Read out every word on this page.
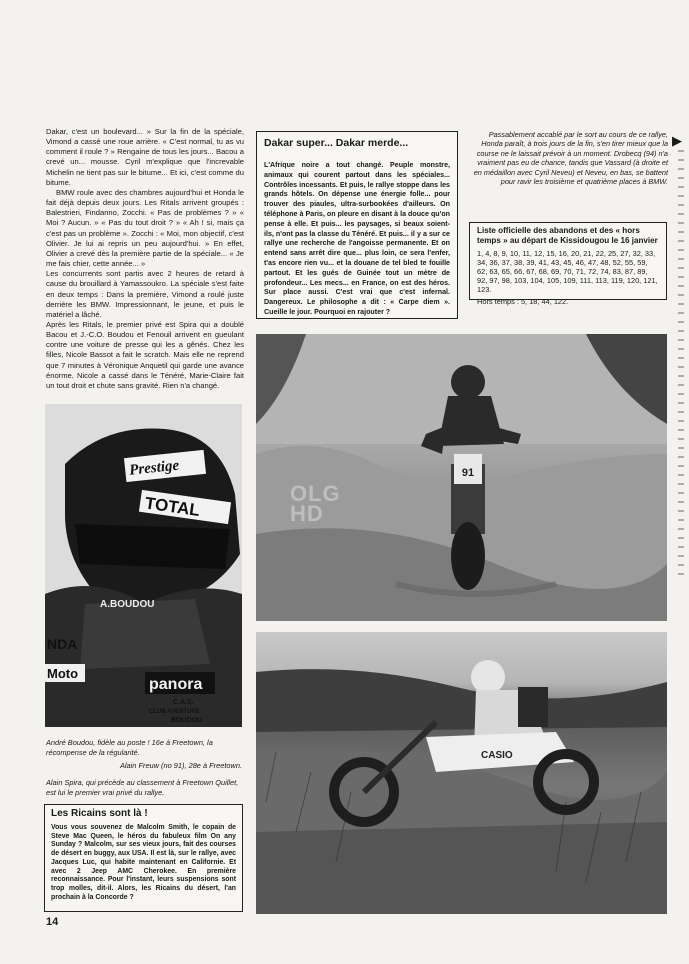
Dakar, c'est un boulevard... » Sur la fin de la spéciale, Vimond a cassé une roue arrière. « C'est normal, tu as vu comment il roule ? » Rengaine de tous les jours... Bacou a crevé un... mousse. Cyril m'explique que l'increvable Michelin ne tient pas sur le bitume... Et ici, c'est comme du bitume.

BMW roule avec des chambres aujourd'hui et Honda le fait déjà depuis deux jours. Les Ritals arrivent groupés : Balestrieri, Findanno, Zocchi. « Pas de problèmes ? » « Moi ? Aucun. » « Pas du tout droit ? » « Ah ! si, mais ça c'est pas un problème ». Zocchi : « Moi, mon objectif, c'est Olivier. Je lui ai repris un peu aujourd'hui. » En effet, Olivier a crevé dès la première partie de la spéciale... « Je me fais chier, cette année... »

Les concurrents sont partis avec 2 heures de retard à cause du brouillard à Yamassoukro. La spéciale s'est faite en deux temps : Dans la première, Vimond a roulé juste derrière les BMW. Impressionnant, le jeune, et puis le matériel a lâché.

Après les Ritals, le premier privé est Spira qui a doublé Bacou et J.-C.O. Boudou et Fenouil arrivent en gueulant contre une voiture de presse qui les a gênés. Chez les filles, Nicole Bassot a fait le scratch. Mais elle ne reprend que 7 minutes à Véronique Anquetil qui garde une avance énorme. Nicole a cassé dans le Ténéré, Marie-Claire fait un tout droit et chute sans gravité. Rien n'a changé.

Dakar super... Dakar merde...
L'Afrique noire a tout changé. Peuple monstre, animaux qui courent partout dans les spéciales... Contrôles incessants. Et puis, le rallye stoppe dans les grands hôtels. On dépense une énergie folle... pour trouver des piaules, ultra-surbookées d'ailleurs. On téléphone à Paris, on pleure en disant à la douce qu'on pense à elle. Et puis... les paysages, si beaux soient-ils, n'ont pas la classe du Ténéré. Et puis... il y a sur ce rallye une recherche de l'angoisse permanente. Et on entend sans arrêt dire que... plus loin, ce sera l'enfer, t'as encore rien vu... et la douane de tel bled te fouille partout. Et les gués de Guinée tout un mètre de profondeur... Les mecs... en France, on est des héros. Sur place aussi. C'est vrai que c'est infernal. Dangereux. Le philosophe a dit : « Carpe diem ». Cueille le jour. Pourquoi en rajouter ?

Passablement accablé par le sort au cours de ce rallye, Honda paraît, à trois jours de la fin, s'en tirer mieux que la course ne le laissait prévoir à un moment. Drobecq (94) n'a vraiment pas eu de chance, tandis que Vassard (à droite et en médaillon avec Cyril Neveu) et Neveu, en bas, se battent pour ravir les troisième et quatrième places à BMW.

▶
Liste officielle des abandons et des « hors temps » au départ de Kissidougou le 16 janvier
1, 4, 8, 9, 10, 11, 12, 15, 16, 20, 21, 22, 25, 27, 32, 33, 34, 36, 37, 38, 39, 41, 43, 45, 46, 47, 48, 52, 55, 59, 62, 63, 65, 66, 67, 68, 69, 70, 71, 72, 74, 83, 87, 89, 92, 97, 98, 103, 104, 105, 109, 111, 113, 119, 120, 121, 123.
Hors temps : 5, 18, 44, 122.
91
OLG HD
CASIO
Prestige
TOTAL
A.BOUDOU
NDA
Moto
panora
C.A.S.
CLUB AVENTURE
BOUDOU

André Boudou, fidèle au poste ! 16e à Freetown, la récompense de la régularité.

Alain Freuw (no 91), 28e à Freetown.

Alain Spira, qui précède au classement à Freetown Quillet, est lui le premier vrai privé du rallye.

Les Ricains sont là !
Vous vous souvenez de Malcolm Smith, le copain de Steve Mac Queen, le héros du fabuleux film On any Sunday ? Malcolm, sur ses vieux jours, fait des courses de désert en buggy, aux USA. Il est là, sur le rallye, avec Jacques Luc, qui habite maintenant en Californie. Et avec 2 Jeep AMC Cherokee. En première reconnaissance. Pour l'instant, leurs suspensions sont trop molles, dit-il. Alors, les Ricains du désert, l'an prochain à la Concorde ?
14
